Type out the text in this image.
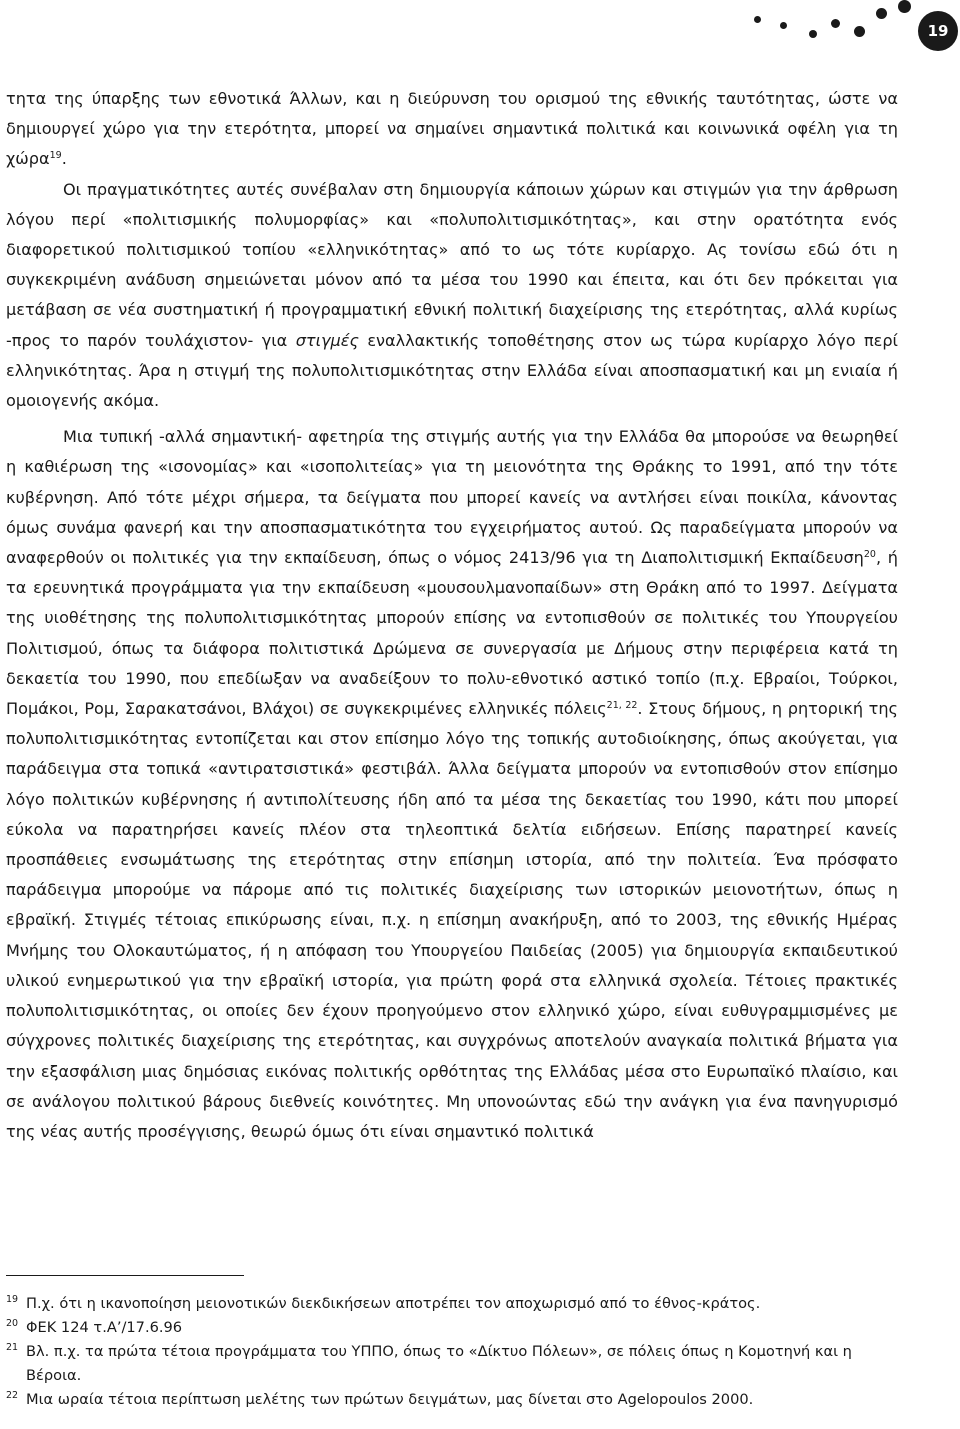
19

τητα της ύπαρξης των εθνοτικά Άλλων, και η διεύρυνση του ορισμού της εθνικής ταυτότητας, ώστε να δημιουργεί χώρο για την ετερότητα, μπορεί να σημαίνει σημαντικά πολιτικά και κοινωνικά οφέλη για τη χώρα$^{19}$.

Οι πραγματικότητες αυτές συνέβαλαν στη δημιουργία κάποιων χώρων και στιγμών για την άρθρωση λόγου περί «πολιτισμικής πολυμορφίας» και «πολυπολιτισμικότητας», και στην ορατότητα ενός διαφορετικού πολιτισμικού τοπίου «ελληνικότητας» από το ως τότε κυρίαρχο. Ας τονίσω εδώ ότι η συγκεκριμένη ανάδυση σημειώνεται μόνον από τα μέσα του 1990 και έπειτα, και ότι δεν πρόκειται για μετάβαση σε νέα συστηματική ή προγραμματική εθνική πολιτική διαχείρισης της ετερότητας, αλλά κυρίως -προς το παρόν τουλάχιστον- για στιγμές εναλλακτικής τοποθέτησης στον ως τώρα κυρίαρχο λόγο περί ελληνικότητας. Άρα η στιγμή της πολυπολιτισμικότητας στην Ελλάδα είναι αποσπασματική και μη ενιαία ή ομοιογενής ακόμα.

Μια τυπική -αλλά σημαντική- αφετηρία της στιγμής αυτής για την Ελλάδα θα μπορούσε να θεωρηθεί η καθιέρωση της «ισονομίας» και «ισοπολιτείας» για τη μειονότητα της Θράκης το 1991, από την τότε κυβέρνηση. Από τότε μέχρι σήμερα, τα δείγματα που μπορεί κανείς να αντλήσει είναι ποικίλα, κάνοντας όμως συνάμα φανερή και την αποσπασματικότητα του εγχειρήματος αυτού. Ως παραδείγματα μπορούν να αναφερθούν οι πολιτικές για την εκπαίδευση, όπως ο νόμος 2413/96 για τη Διαπολιτισμική Εκπαίδευση$^{20}$, ή τα ερευνητικά προγράμματα για την εκπαίδευση «μουσουλμανοπαίδων» στη Θράκη από το 1997. Δείγματα της υιοθέτησης της πολυπολιτισμικότητας μπορούν επίσης να εντοπισθούν σε πολιτικές του Υπουργείου Πολιτισμού, όπως τα διάφορα πολιτιστικά Δρώμενα σε συνεργασία με Δήμους στην περιφέρεια κατά τη δεκαετία του 1990, που επεδίωξαν να αναδείξουν το πολυ-εθνοτικό αστικό τοπίο (π.χ. Εβραίοι, Τούρκοι, Πομάκοι, Ρομ, Σαρακατσάνοι, Βλάχοι) σε συγκεκριμένες ελληνικές πόλεις$^{21,}$ $^{22}$. Στους δήμους, η ρητορική της πολυπολιτισμικότητας εντοπίζεται και στον επίσημο λόγο της τοπικής αυτοδιοίκησης, όπως ακούγεται, για παράδειγμα στα τοπικά «αντιρατσιστικά» φεστιβάλ. Άλλα δείγματα μπορούν να εντοπισθούν στον επίσημο λόγο πολιτικών κυβέρνησης ή αντιπολίτευσης ήδη από τα μέσα της δεκαετίας του 1990, κάτι που μπορεί εύκολα να παρατηρήσει κανείς πλέον στα τηλεοπτικά δελτία ειδήσεων. Επίσης παρατηρεί κανείς προσπάθειες ενσωμάτωσης της ετερότητας στην επίσημη ιστορία, από την πολιτεία. Ένα πρόσφατο παράδειγμα μπορούμε να πάρομε από τις πολιτικές διαχείρισης των ιστορικών μειονοτήτων, όπως η εβραϊκή. Στιγμές τέτοιας επικύρωσης είναι, π.χ. η επίσημη ανακήρυξη, από το 2003, της εθνικής Ημέρας Μνήμης του Ολοκαυτώματος, ή η απόφαση του Υπουργείου Παιδείας (2005) για δημιουργία εκπαιδευτικού υλικού ενημερωτικού για την εβραϊκή ιστορία, για πρώτη φορά στα ελληνικά σχολεία. Τέτοιες πρακτικές πολυπολιτισμικότητας, οι οποίες δεν έχουν προηγούμενο στον ελληνικό χώρο, είναι ευθυγραμμισμένες με σύγχρονες πολιτικές διαχείρισης της ετερότητας, και συγχρόνως αποτελούν αναγκαία πολιτικά βήματα για την εξασφάλιση μιας δημόσιας εικόνας πολιτικής ορθότητας της Ελλάδας μέσα στο Ευρωπαϊκό πλαίσιο, και σε ανάλογου πολιτικού βάρους διεθνείς κοινότητες. Μη υπονοώντας εδώ την ανάγκη για ένα πανηγυρισμό της νέας αυτής προσέγγισης, θεωρώ όμως ότι είναι σημαντικό πολιτικά

19 Π.χ. ότι η ικανοποίηση μειονοτικών διεκδικήσεων αποτρέπει τον αποχωρισμό από το έθνος-κράτος.
20 ΦΕΚ 124 τ.Α’/17.6.96
21 Βλ. π.χ. τα πρώτα τέτοια προγράμματα του ΥΠΠΟ, όπως το «Δίκτυο Πόλεων», σε πόλεις όπως η Κομοτηνή και η Βέροια.
22 Μια ωραία τέτοια περίπτωση μελέτης των πρώτων δειγμάτων, μας δίνεται στο Agelopoulos 2000.
